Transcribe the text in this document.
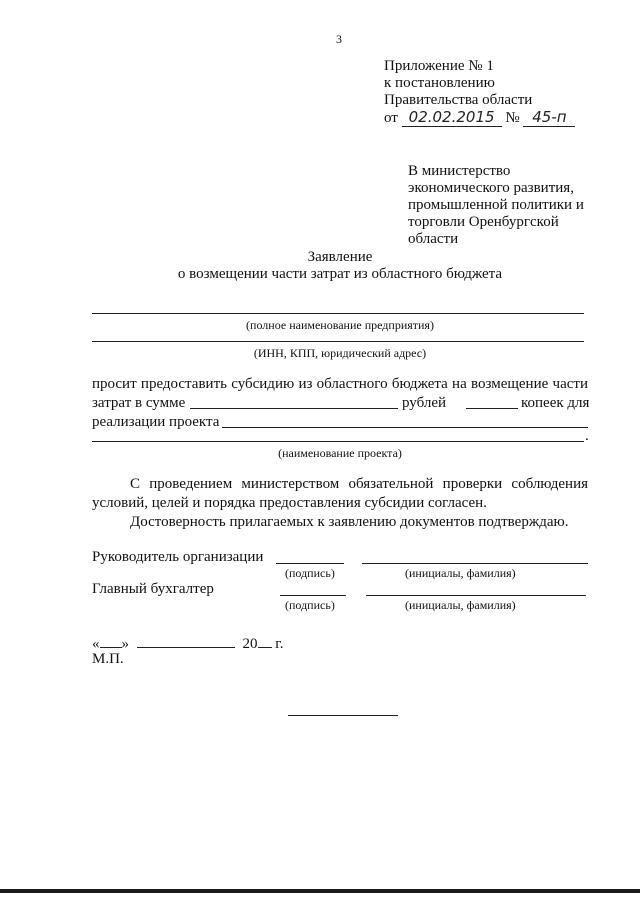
3
Приложение № 1
к постановлению
Правительства области
от 02.02.2015 № 45-п
В министерство
экономического развития,
промышленной политики и
торговли Оренбургской
области
Заявление
о возмещении части затрат из областного бюджета
(полное наименование предприятия)
(ИНН, КПП, юридический адрес)
просит предоставить субсидию из областного бюджета на возмещение части
затрат в сумме	рублей	копеек для
реализации проекта
.
(наименование проекта)
С проведением министерством обязательной проверки соблюдения
условий, целей и порядка предоставления субсидии согласен.
Достоверность прилагаемых к заявлению документов подтверждаю.
Руководитель организации
(подпись)	(инициалы, фамилия)
Главный бухгалтер
(подпись)	(инициалы, фамилия)
« »	20 г.
М.П.
